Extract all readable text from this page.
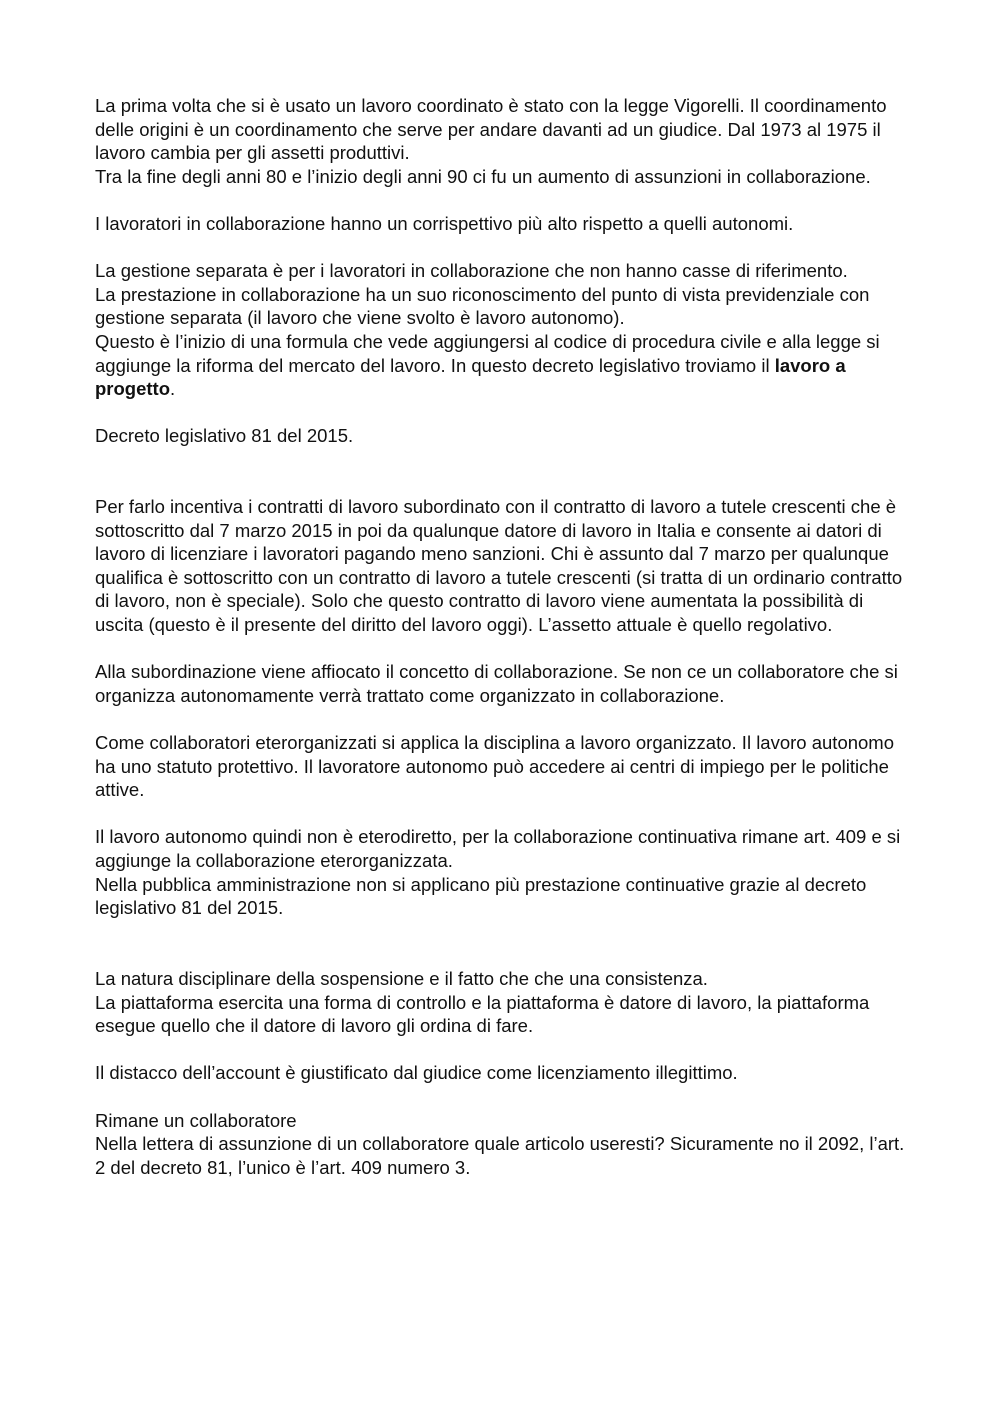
La prima volta che si è usato un lavoro coordinato è stato con la legge Vigorelli. Il coordinamento delle origini è un coordinamento che serve per andare davanti ad un giudice. Dal 1973 al 1975 il lavoro cambia per gli assetti produttivi.
Tra la fine degli anni 80 e l’inizio degli anni 90 ci fu un aumento di assunzioni in collaborazione.

I lavoratori in collaborazione hanno un corrispettivo più alto rispetto a quelli autonomi.

La gestione separata è per i lavoratori in collaborazione che non hanno casse di riferimento.
La prestazione in collaborazione ha un suo riconoscimento del punto di vista previdenziale con gestione separata (il lavoro che viene svolto è lavoro autonomo).
Questo è l’inizio di una formula che vede aggiungersi al codice di procedura civile e alla legge si aggiunge la riforma del mercato del lavoro. In questo decreto legislativo troviamo il lavoro a progetto.

Decreto legislativo 81 del 2015.

Per farlo incentiva i contratti di lavoro subordinato con il contratto di lavoro a tutele crescenti che è sottoscritto dal 7 marzo 2015 in poi da qualunque datore di lavoro in Italia e consente ai datori di lavoro di licenziare i lavoratori pagando meno sanzioni. Chi è assunto dal 7 marzo per qualunque qualifica è sottoscritto con un contratto di lavoro a tutele crescenti (si tratta di un ordinario contratto di lavoro, non è speciale). Solo che questo contratto di lavoro viene aumentata la possibilità di uscita (questo è il presente del diritto del lavoro oggi). L’assetto attuale è quello regolativo.

Alla subordinazione viene affiocato il concetto di collaborazione. Se non ce un collaboratore che si organizza autonomamente verrà trattato come organizzato in collaborazione.

Come collaboratori eterorganizzati si applica la disciplina a lavoro organizzato. Il lavoro autonomo ha uno statuto protettivo. Il lavoratore autonomo può accedere ai centri di impiego per le politiche attive.

Il lavoro autonomo quindi non è eterodiretto, per la collaborazione continuativa rimane art. 409 e si aggiunge la collaborazione eterorganizzata.
Nella pubblica amministrazione non si applicano più prestazione continuative grazie al decreto legislativo 81 del 2015.

La natura disciplinare della sospensione e il fatto che che una consistenza.
La piattaforma esercita una forma di controllo e la piattaforma è datore di lavoro, la piattaforma esegue quello che il datore di lavoro gli ordina di fare.

Il distacco dell’account è giustificato dal giudice come licenziamento illegittimo.

Rimane un collaboratore
Nella lettera di assunzione di un collaboratore quale articolo useresti? Sicuramente no il 2092, l’art. 2 del decreto 81, l’unico è l’art. 409 numero 3.
